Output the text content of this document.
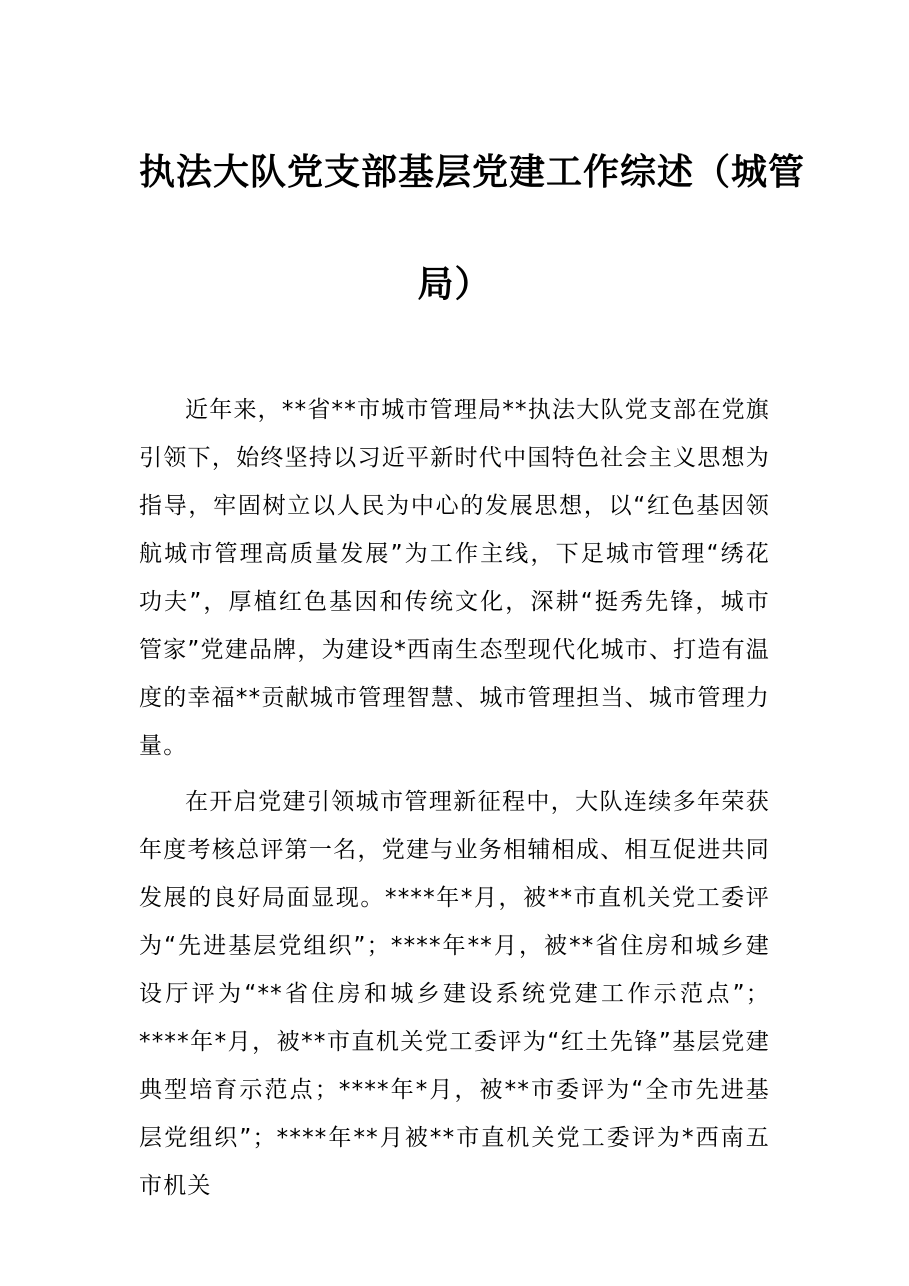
执法大队党支部基层党建工作综述（城管
局）

近年来，**省**市城市管理局**执法大队党支部在党旗引领下，始终坚持以习近平新时代中国特色社会主义思想为指导，牢固树立以人民为中心的发展思想，以“红色基因领航城市管理高质量发展”为工作主线，下足城市管理“绣花功夫”，厚植红色基因和传统文化，深耕“挺秀先锋，城市管家”党建品牌，为建设*西南生态型现代化城市、打造有温度的幸福**贡献城市管理智慧、城市管理担当、城市管理力量。

在开启党建引领城市管理新征程中，大队连续多年荣获年度考核总评第一名，党建与业务相辅相成、相互促进共同发展的良好局面显现。****年*月，被**市直机关党工委评为“先进基层党组织”；****年**月，被**省住房和城乡建设厅评为“**省住房和城乡建设系统党建工作示范点”；****年*月，被**市直机关党工委评为“红土先锋”基层党建典型培育示范点；****年*月，被**市委评为“全市先进基层党组织”；****年**月被**市直机关党工委评为*西南五市机关
